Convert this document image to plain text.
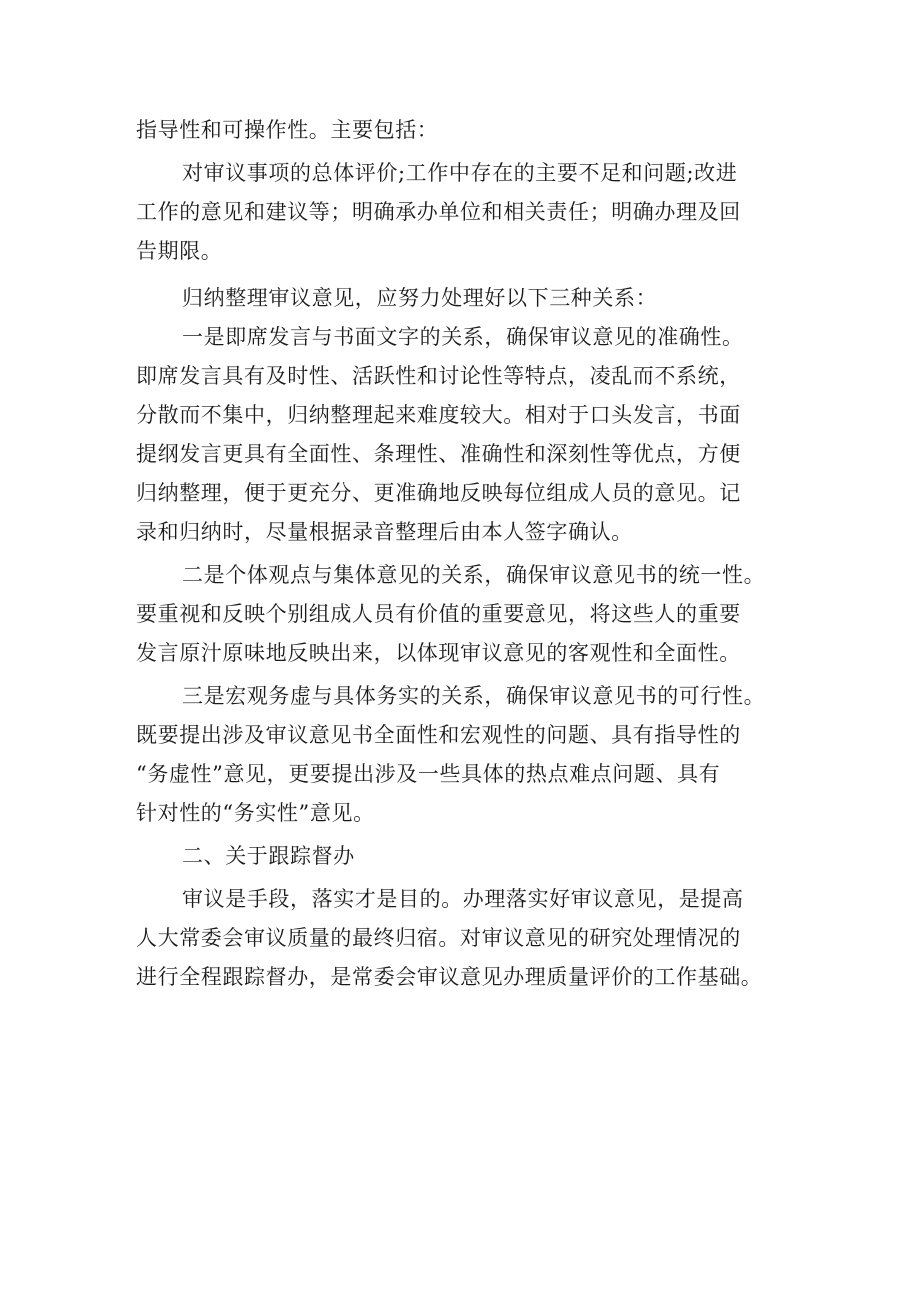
指导性和可操作性。主要包括：
对审议事项的总体评价;工作中存在的主要不足和问题;改进
工作的意见和建议等；明确承办单位和相关责任；明确办理及回
告期限。
归纳整理审议意见，应努力处理好以下三种关系：
一是即席发言与书面文字的关系，确保审议意见的准确性。
即席发言具有及时性、活跃性和讨论性等特点，凌乱而不系统，
分散而不集中，归纳整理起来难度较大。相对于口头发言，书面
提纲发言更具有全面性、条理性、准确性和深刻性等优点，方便
归纳整理，便于更充分、更准确地反映每位组成人员的意见。记
录和归纳时，尽量根据录音整理后由本人签字确认。
二是个体观点与集体意见的关系，确保审议意见书的统一性。
要重视和反映个别组成人员有价值的重要意见，将这些人的重要
发言原汁原味地反映出来，以体现审议意见的客观性和全面性。
三是宏观务虚与具体务实的关系，确保审议意见书的可行性。
既要提出涉及审议意见书全面性和宏观性的问题、具有指导性的
“务虚性”意见，更要提出涉及一些具体的热点难点问题、具有
针对性的“务实性”意见。
二、关于跟踪督办
审议是手段，落实才是目的。办理落实好审议意见，是提高
人大常委会审议质量的最终归宿。对审议意见的研究处理情况的
进行全程跟踪督办，是常委会审议意见办理质量评价的工作基础。
